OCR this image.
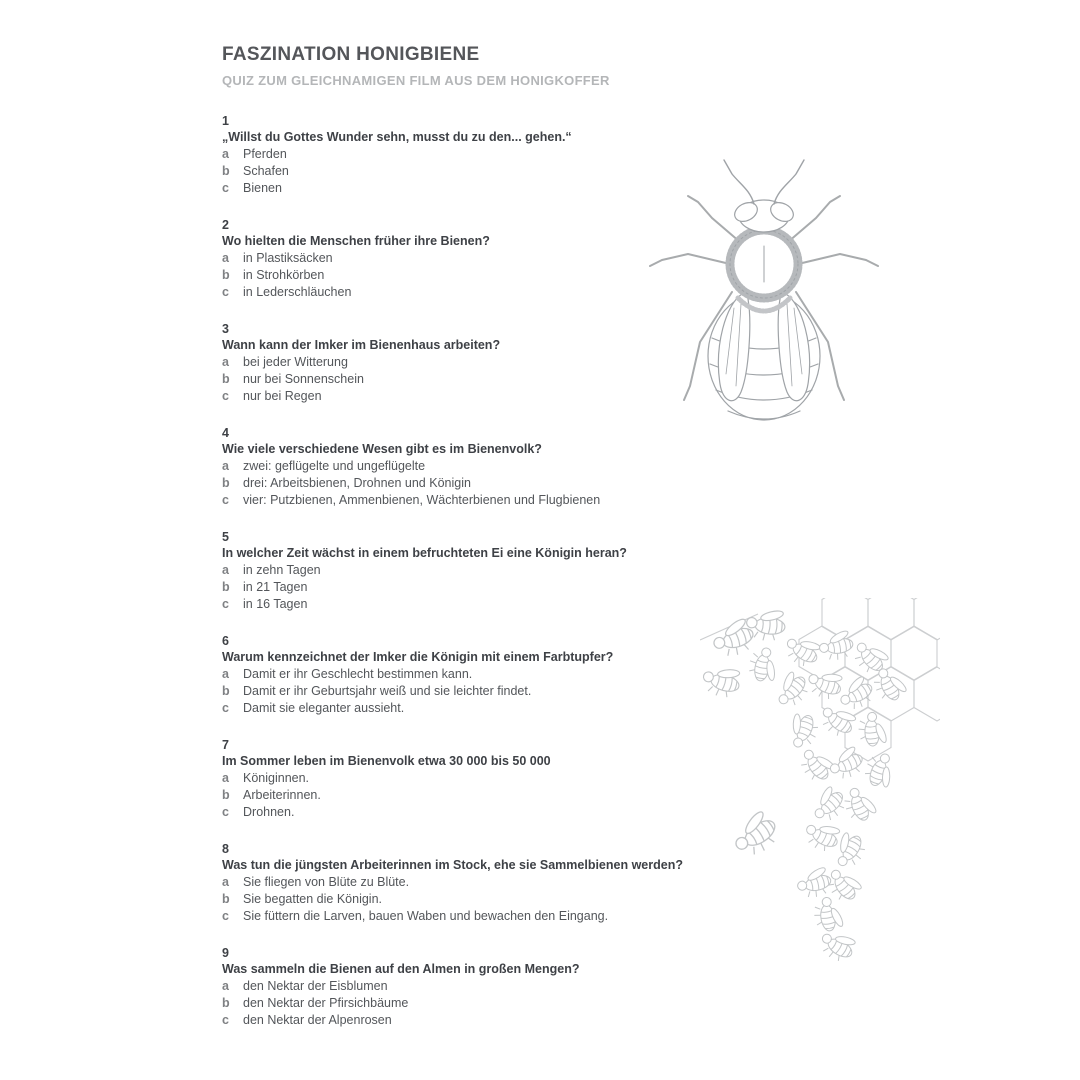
FASZINATION HONIGBIENE
QUIZ ZUM GLEICHNAMIGEN FILM AUS DEM HONIGKOFFER
1
„Willst du Gottes Wunder sehn, musst du zu den... gehen.“
a	Pferden
b	Schafen
c	Bienen
2
Wo hielten die Menschen früher ihre Bienen?
a	in Plastiksäcken
b	in Strohkörben
c	in Lederschläuchen
3
Wann kann der Imker im Bienenhaus arbeiten?
a	bei jeder Witterung
b	nur bei Sonnenschein
c	nur bei Regen
4
Wie viele verschiedene Wesen gibt es im Bienenvolk?
a	zwei: geflügelte und ungeflügelte
b	drei: Arbeitsbienen, Drohnen und Königin
c	vier: Putzbienen, Ammenbienen, Wächterbienen und Flugbienen
5
In welcher Zeit wächst in einem befruchteten Ei eine Königin heran?
a	in zehn Tagen
b	in 21 Tagen
c	in 16 Tagen
6
Warum kennzeichnet der Imker die Königin mit einem Farbtupfer?
a	Damit er ihr Geschlecht bestimmen kann.
b	Damit er ihr Geburtsjahr weiß und sie leichter findet.
c	Damit sie eleganter aussieht.
7
Im Sommer leben im Bienenvolk etwa 30 000 bis 50 000
a	Königinnen.
b	Arbeiterinnen.
c	Drohnen.
8
Was tun die jüngsten Arbeiterinnen im Stock, ehe sie Sammelbienen werden?
a	Sie fliegen von Blüte zu Blüte.
b	Sie begatten die Königin.
c	Sie füttern die Larven, bauen Waben und bewachen den Eingang.
9
Was sammeln die Bienen auf den Almen in großen Mengen?
a	den Nektar der Eisblumen
b	den Nektar der Pfirsichbäume
c	den Nektar der Alpenrosen
